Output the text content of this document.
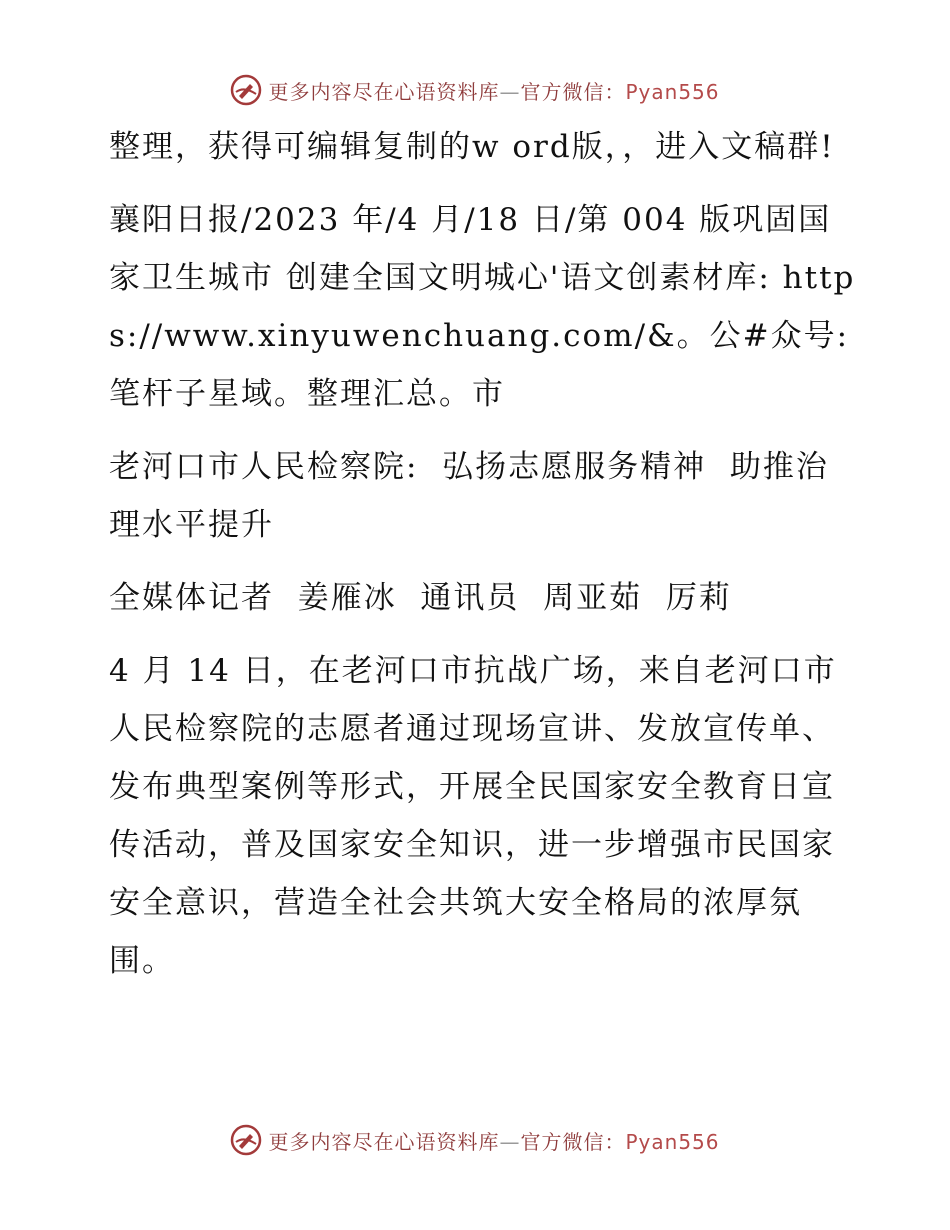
更多内容尽在心语资料库—官方微信：Pyan556

整理，获得可编辑复制的w ord版，，进入文稿群!

襄阳日报/2023 年/4 月/18 日/第 004 版巩固国家卫生城市 创建全国文明城心'语文创素材库: https://www.xinyuwenchuang.com/&。公#众号: 笔杆子星域。整理汇总。市

老河口市人民检察院:  弘扬志愿服务精神  助推治理水平提升

全媒体记者  姜雁冰  通讯员  周亚茹  厉莉

4 月 14 日，在老河口市抗战广场，来自老河口市人民检察院的志愿者通过现场宣讲、发放宣传单、发布典型案例等形式，开展全民国家安全教育日宣传活动，普及国家安全知识，进一步增强市民国家安全意识，营造全社会共筑大安全格局的浓厚氛围。

更多内容尽在心语资料库—官方微信：Pyan556
